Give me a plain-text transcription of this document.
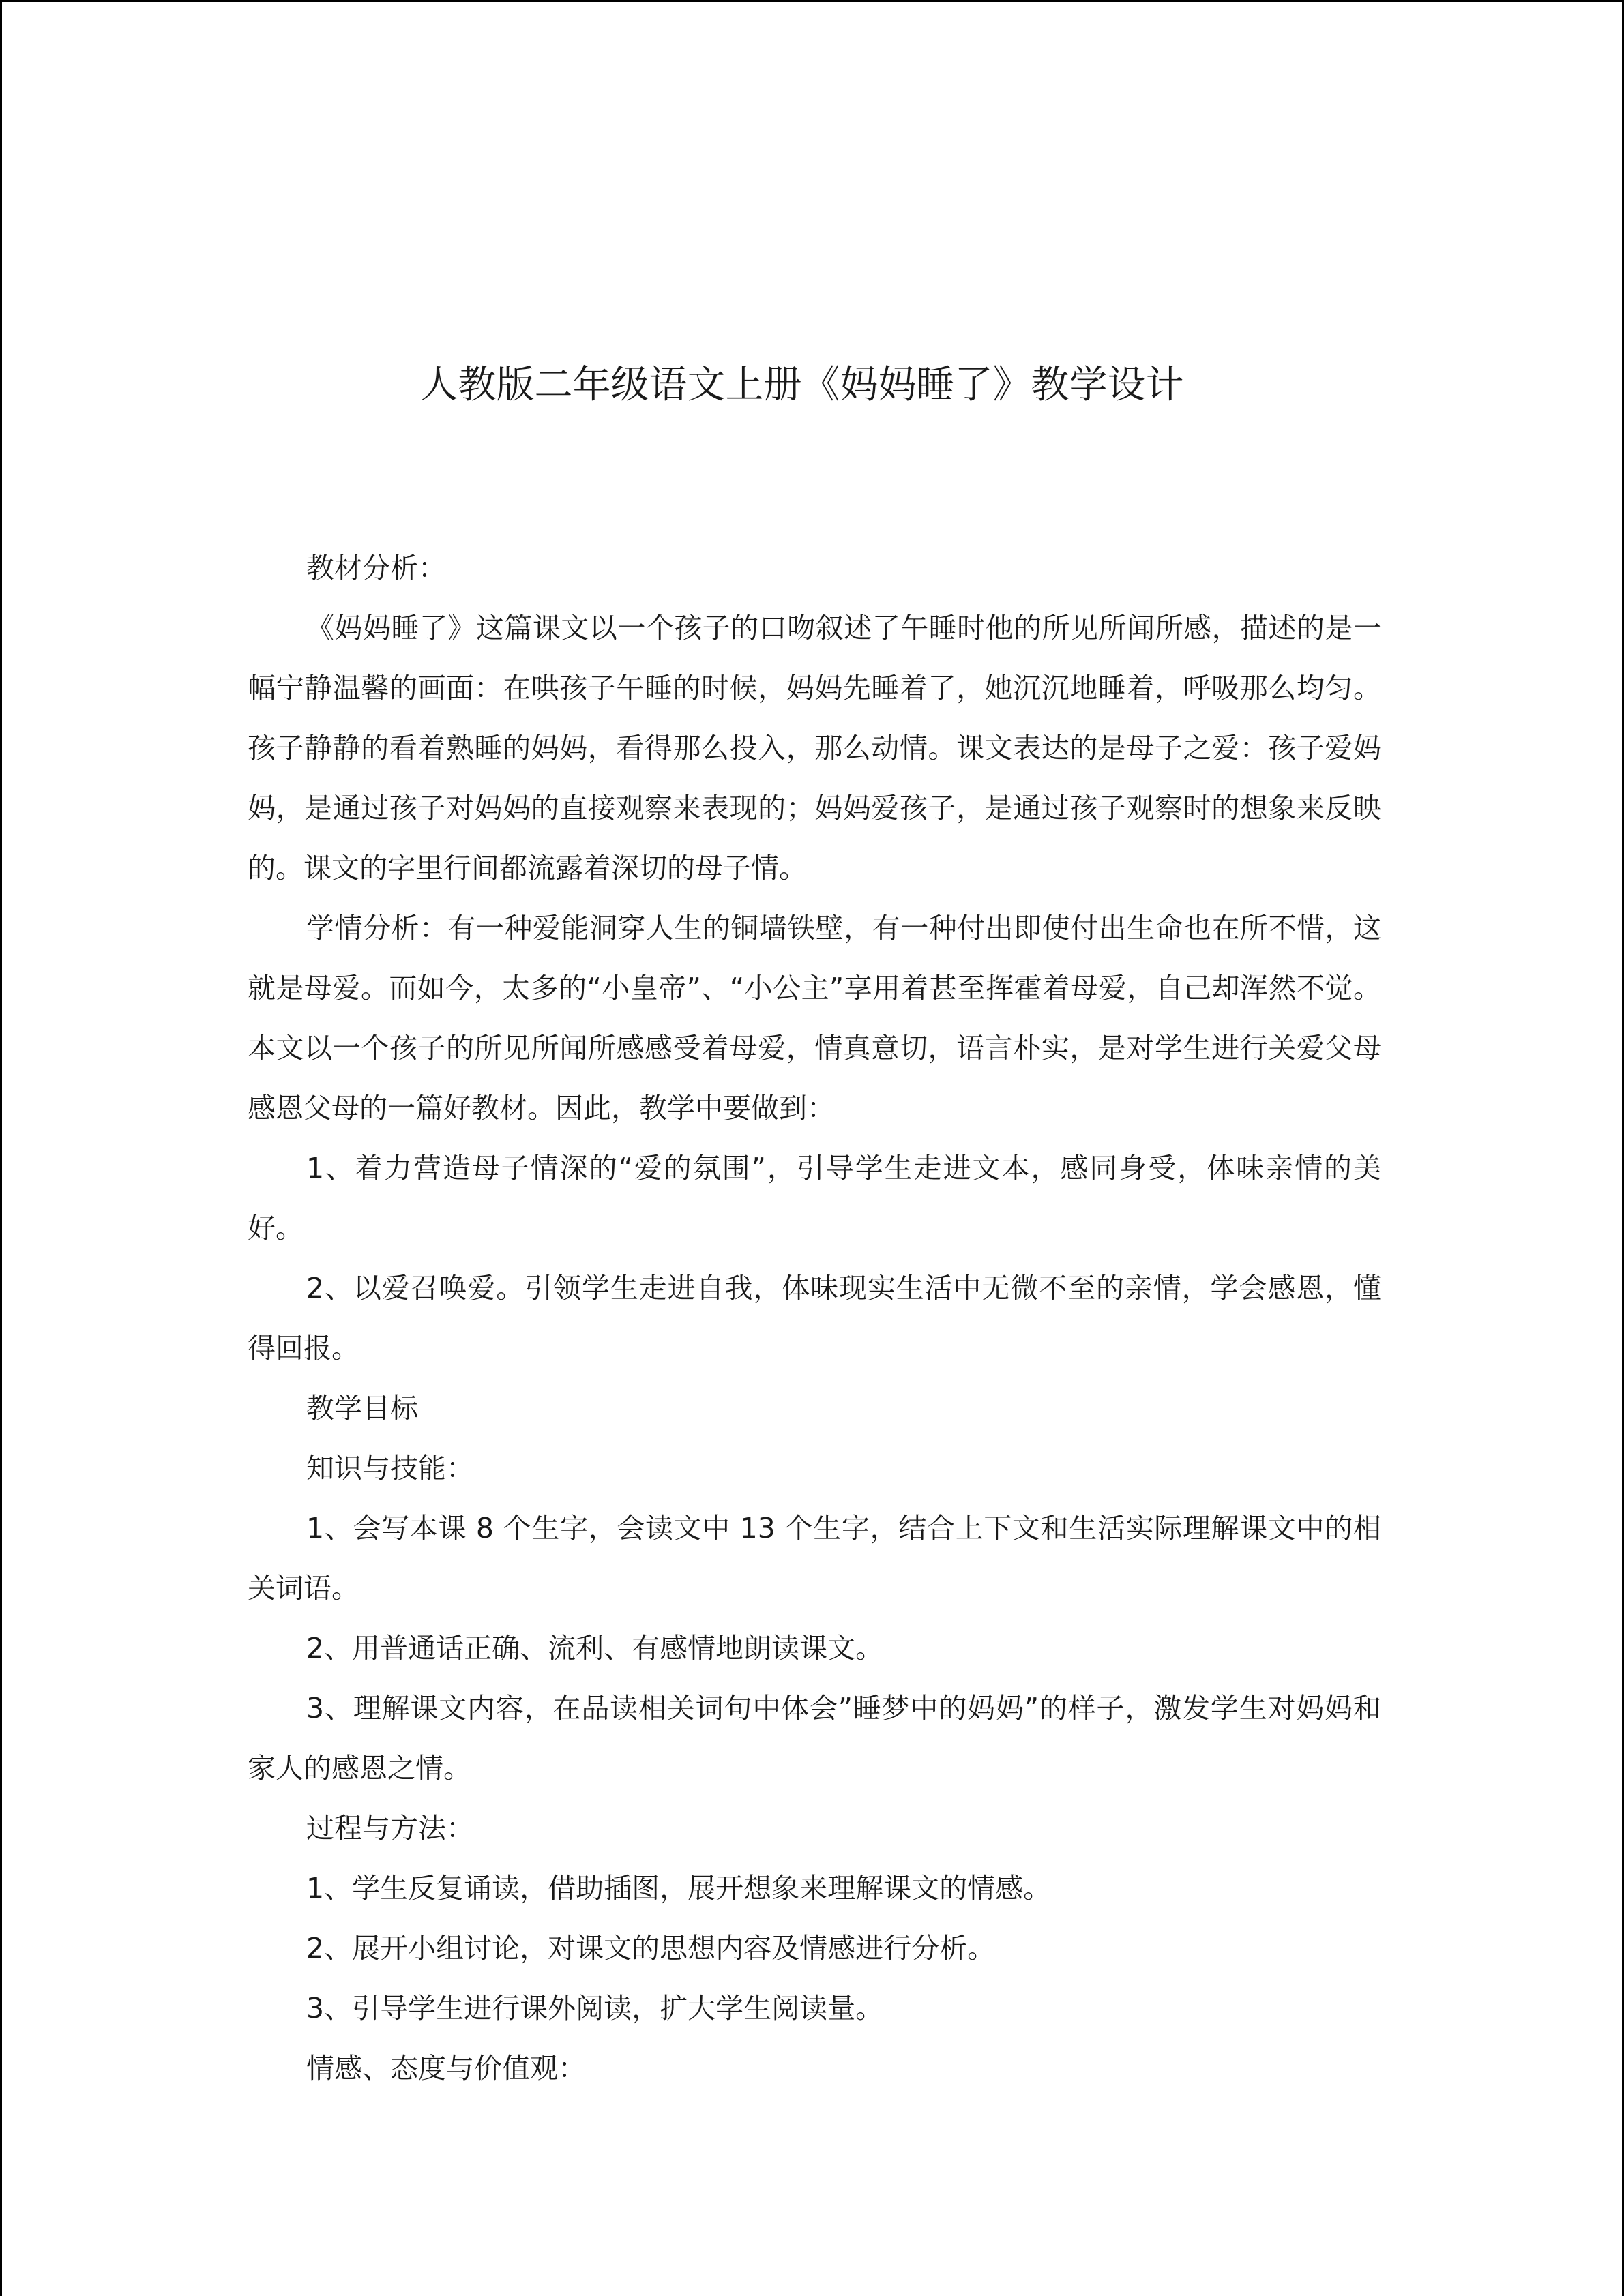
人教版二年级语文上册《妈妈睡了》教学设计

教材分析：

《妈妈睡了》这篇课文以一个孩子的口吻叙述了午睡时他的所见所闻所感，描述的是一幅宁静温馨的画面：在哄孩子午睡的时候，妈妈先睡着了，她沉沉地睡着，呼吸那么均匀。孩子静静的看着熟睡的妈妈，看得那么投入，那么动情。课文表达的是母子之爱：孩子爱妈妈，是通过孩子对妈妈的直接观察来表现的；妈妈爱孩子，是通过孩子观察时的想象来反映的。课文的字里行间都流露着深切的母子情。

学情分析：有一种爱能洞穿人生的铜墙铁壁，有一种付出即使付出生命也在所不惜，这就是母爱。而如今，太多的“小皇帝”、“小公主”享用着甚至挥霍着母爱，自己却浑然不觉。本文以一个孩子的所见所闻所感感受着母爱，情真意切，语言朴实，是对学生进行关爱父母感恩父母的一篇好教材。因此，教学中要做到：

1、着力营造母子情深的“爱的氛围”，引导学生走进文本，感同身受，体味亲情的美好。

2、以爱召唤爱。引领学生走进自我，体味现实生活中无微不至的亲情，学会感恩，懂得回报。

教学目标

知识与技能：

1、会写本课 8 个生字，会读文中 13 个生字，结合上下文和生活实际理解课文中的相关词语。

2、用普通话正确、流利、有感情地朗读课文。

3、理解课文内容，在品读相关词句中体会”睡梦中的妈妈”的样子，激发学生对妈妈和家人的感恩之情。

过程与方法：

1、学生反复诵读，借助插图，展开想象来理解课文的情感。

2、展开小组讨论，对课文的思想内容及情感进行分析。

3、引导学生进行课外阅读，扩大学生阅读量。

情感、态度与价值观：
